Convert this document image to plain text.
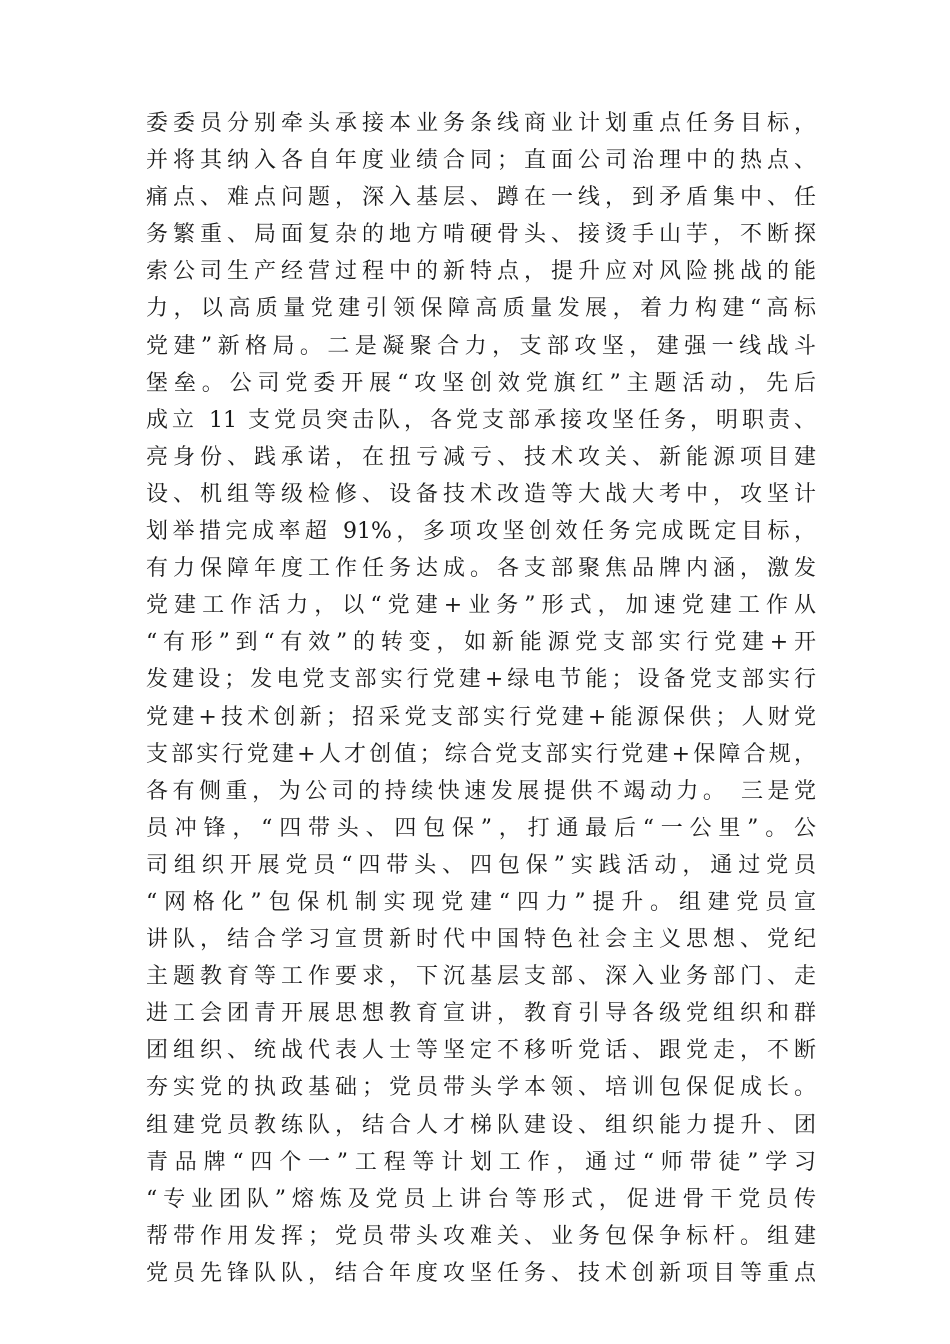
委委员分别牵头承接本业务条线商业计划重点任务目标，
并将其纳入各自年度业绩合同；直面公司治理中的热点、
痛点、难点问题，深入基层、蹲在一线，到矛盾集中、任
务繁重、局面复杂的地方啃硬骨头、接烫手山芋，不断探
索公司生产经营过程中的新特点，提升应对风险挑战的能
力，以高质量党建引领保障高质量发展，着力构建“高标
党建”新格局。二是凝聚合力，支部攻坚，建强一线战斗
堡垒。公司党委开展“攻坚创效党旗红”主题活动，先后
成立 11 支党员突击队，各党支部承接攻坚任务，明职责、
亮身份、践承诺，在扭亏减亏、技术攻关、新能源项目建
设、机组等级检修、设备技术改造等大战大考中，攻坚计
划举措完成率超 91%，多项攻坚创效任务完成既定目标，
有力保障年度工作任务达成。各支部聚焦品牌内涵，激发
党建工作活力，以“党建+业务”形式，加速党建工作从
“有形”到“有效”的转变，如新能源党支部实行党建+开
发建设；发电党支部实行党建+绿电节能；设备党支部实行
党建+技术创新；招采党支部实行党建+能源保供；人财党
支部实行党建+人才创值；综合党支部实行党建+保障合规，
各有侧重，为公司的持续快速发展提供不竭动力。 三是党
员冲锋，“四带头、四包保”，打通最后“一公里”。公
司组织开展党员“四带头、四包保”实践活动，通过党员
“网格化”包保机制实现党建“四力”提升。组建党员宣
讲队，结合学习宣贯新时代中国特色社会主义思想、党纪
主题教育等工作要求，下沉基层支部、深入业务部门、走
进工会团青开展思想教育宣讲，教育引导各级党组织和群
团组织、统战代表人士等坚定不移听党话、跟党走，不断
夯实党的执政基础；党员带头学本领、培训包保促成长。
组建党员教练队，结合人才梯队建设、组织能力提升、团
青品牌“四个一”工程等计划工作，通过“师带徒”学习
“专业团队”熔炼及党员上讲台等形式，促进骨干党员传
帮带作用发挥；党员带头攻难关、业务包保争标杆。组建
党员先锋队队，结合年度攻坚任务、技术创新项目等重点
